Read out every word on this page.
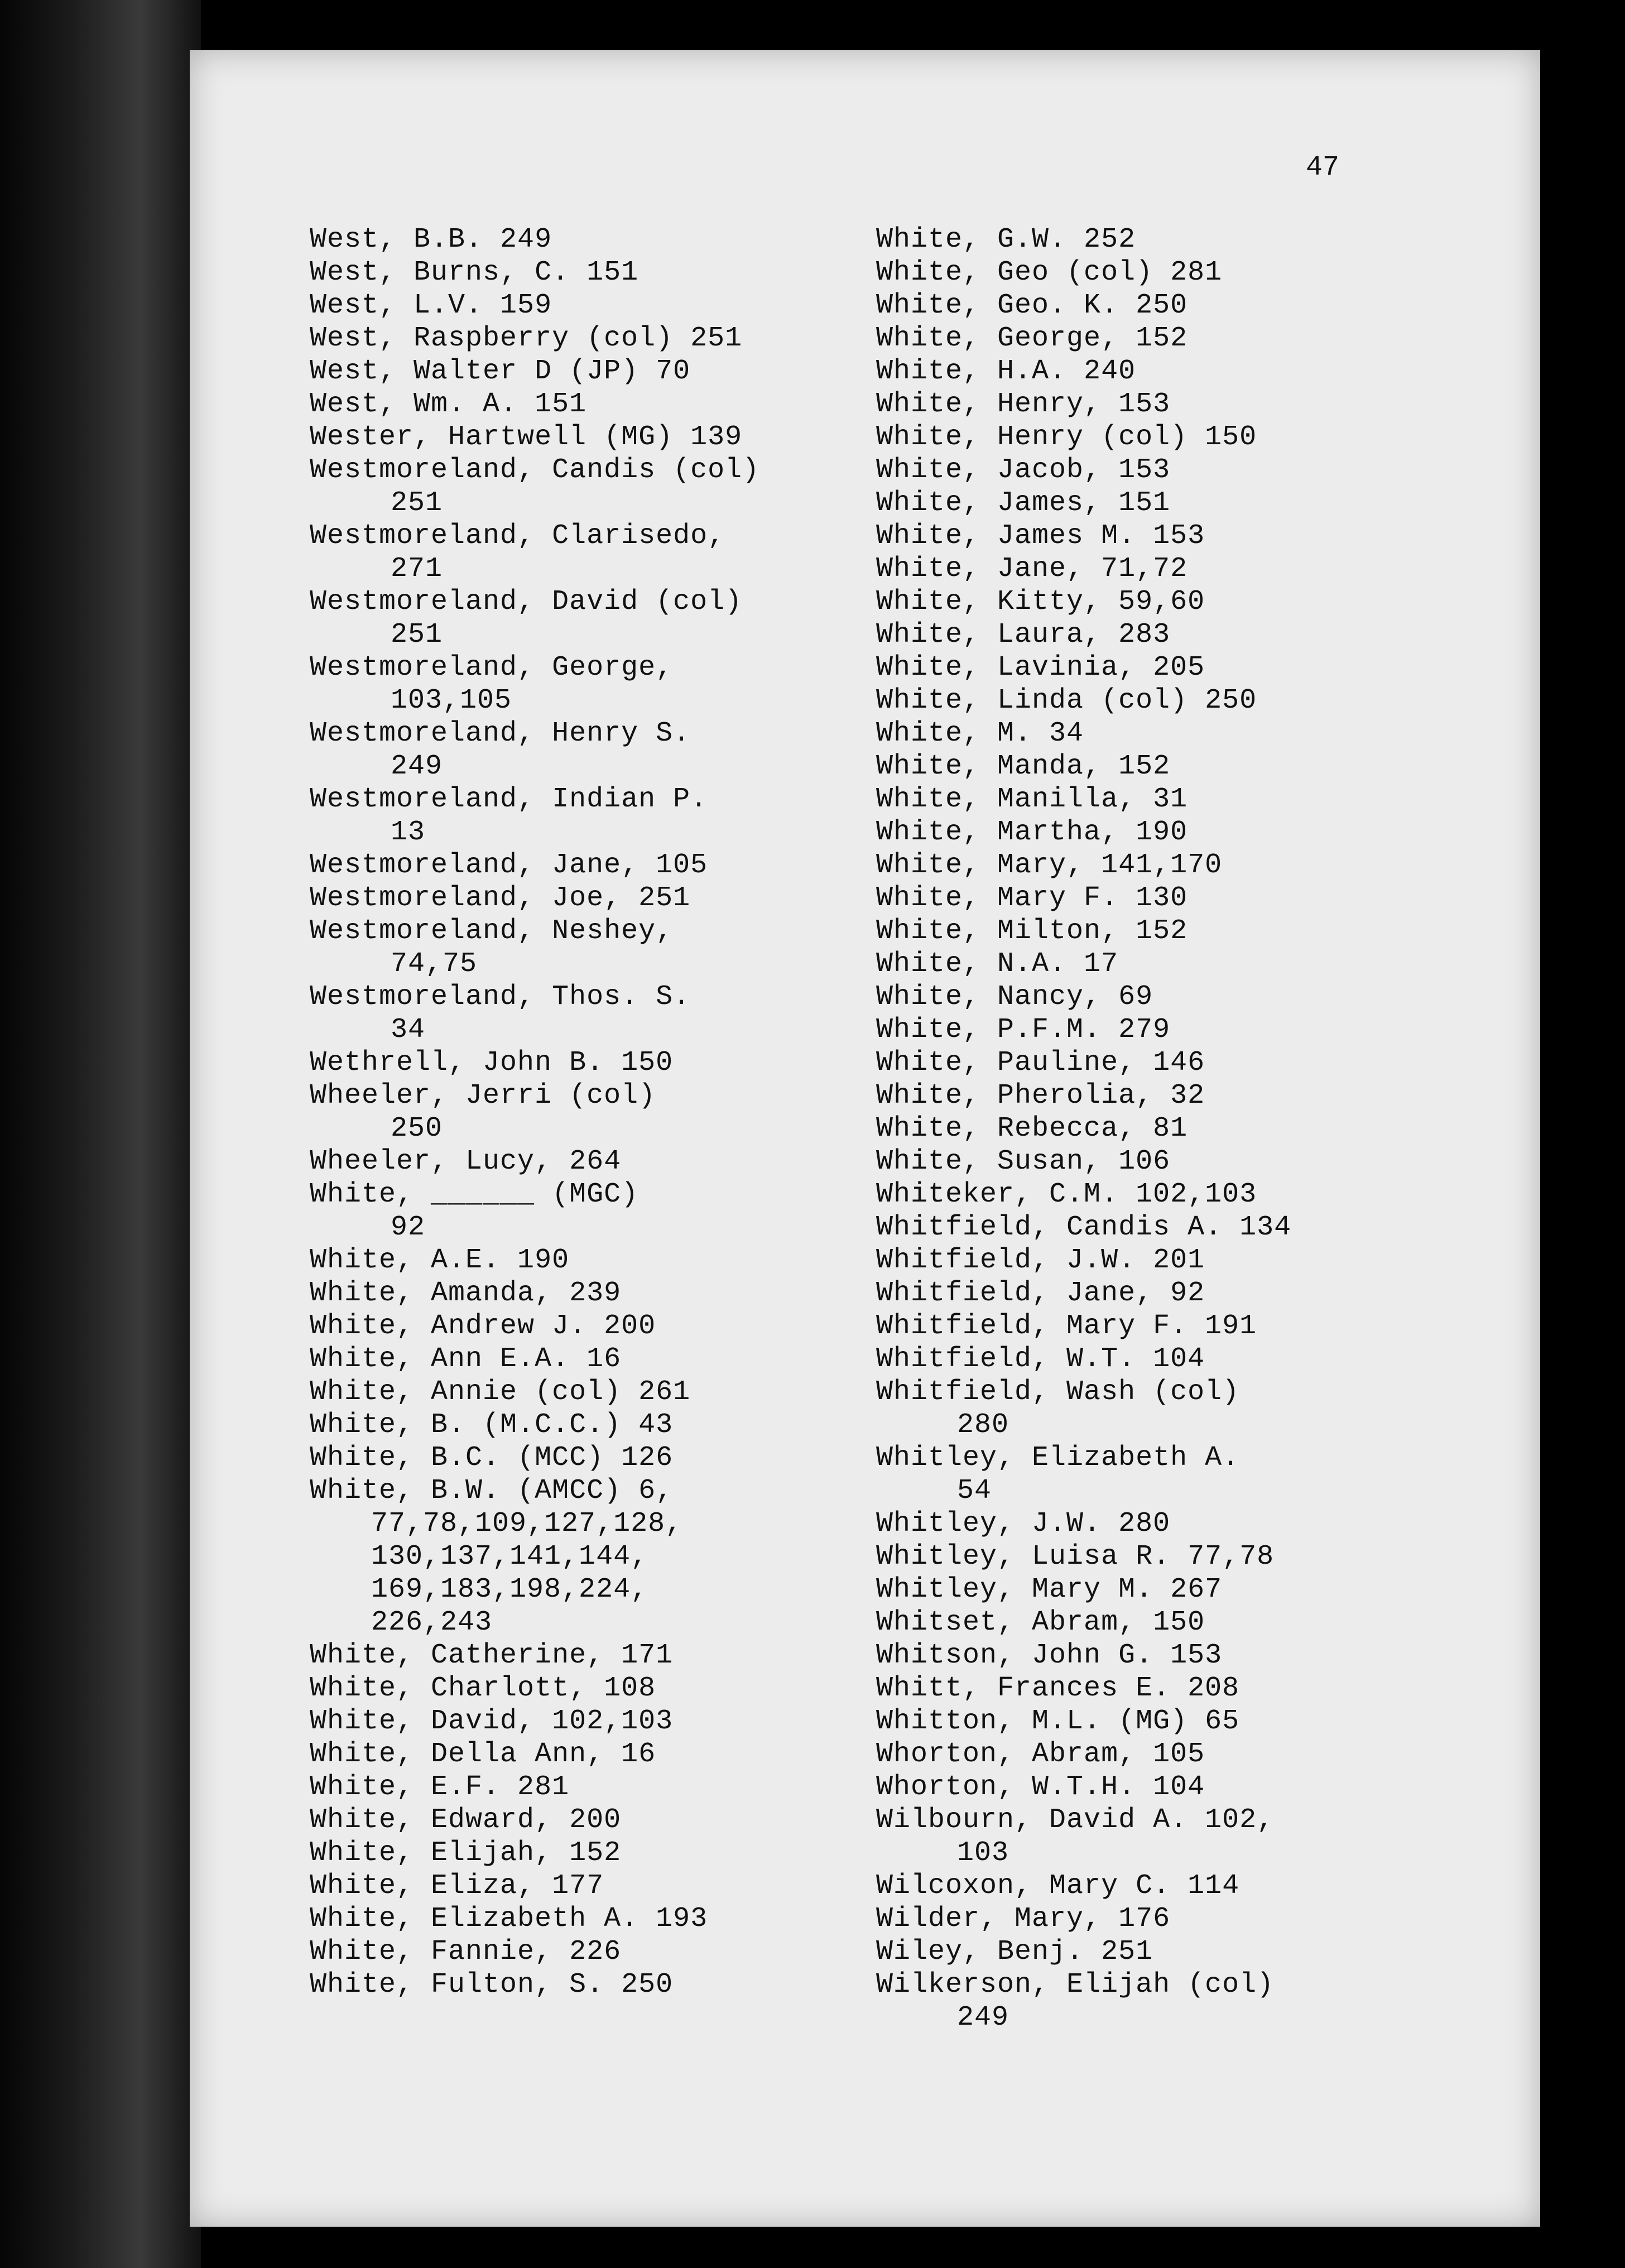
47
West, B.B. 249
West, Burns, C. 151
West, L.V. 159
West, Raspberry (col) 251
West, Walter D (JP) 70
West, Wm. A. 151
Wester, Hartwell (MG) 139
Westmoreland, Candis (col)
251
Westmoreland, Clarisedo,
271
Westmoreland, David (col)
251
Westmoreland, George,
103,105
Westmoreland, Henry S.
249
Westmoreland, Indian P.
13
Westmoreland, Jane, 105
Westmoreland, Joe, 251
Westmoreland, Neshey,
74,75
Westmoreland, Thos. S.
34
Wethrell, John B. 150
Wheeler, Jerri (col)
250
Wheeler, Lucy, 264
White, ______ (MGC)
92
White, A.E. 190
White, Amanda, 239
White, Andrew J. 200
White, Ann E.A. 16
White, Annie (col) 261
White, B. (M.C.C.) 43
White, B.C. (MCC) 126
White, B.W. (AMCC) 6,
77,78,109,127,128,
130,137,141,144,
169,183,198,224,
226,243
White, Catherine, 171
White, Charlott, 108
White, David, 102,103
White, Della Ann, 16
White, E.F. 281
White, Edward, 200
White, Elijah, 152
White, Eliza, 177
White, Elizabeth A. 193
White, Fannie, 226
White, Fulton, S. 250
White, G.W. 252
White, Geo (col) 281
White, Geo. K. 250
White, George, 152
White, H.A. 240
White, Henry, 153
White, Henry (col) 150
White, Jacob, 153
White, James, 151
White, James M. 153
White, Jane, 71,72
White, Kitty, 59,60
White, Laura, 283
White, Lavinia, 205
White, Linda (col) 250
White, M. 34
White, Manda, 152
White, Manilla, 31
White, Martha, 190
White, Mary, 141,170
White, Mary F. 130
White, Milton, 152
White, N.A. 17
White, Nancy, 69
White, P.F.M. 279
White, Pauline, 146
White, Pherolia, 32
White, Rebecca, 81
White, Susan, 106
Whiteker, C.M. 102,103
Whitfield, Candis A. 134
Whitfield, J.W. 201
Whitfield, Jane, 92
Whitfield, Mary F. 191
Whitfield, W.T. 104
Whitfield, Wash (col)
280
Whitley, Elizabeth A.
54
Whitley, J.W. 280
Whitley, Luisa R. 77,78
Whitley, Mary M. 267
Whitset, Abram, 150
Whitson, John G. 153
Whitt, Frances E. 208
Whitton, M.L. (MG) 65
Whorton, Abram, 105
Whorton, W.T.H. 104
Wilbourn, David A. 102,
103
Wilcoxon, Mary C. 114
Wilder, Mary, 176
Wiley, Benj. 251
Wilkerson, Elijah (col)
249
